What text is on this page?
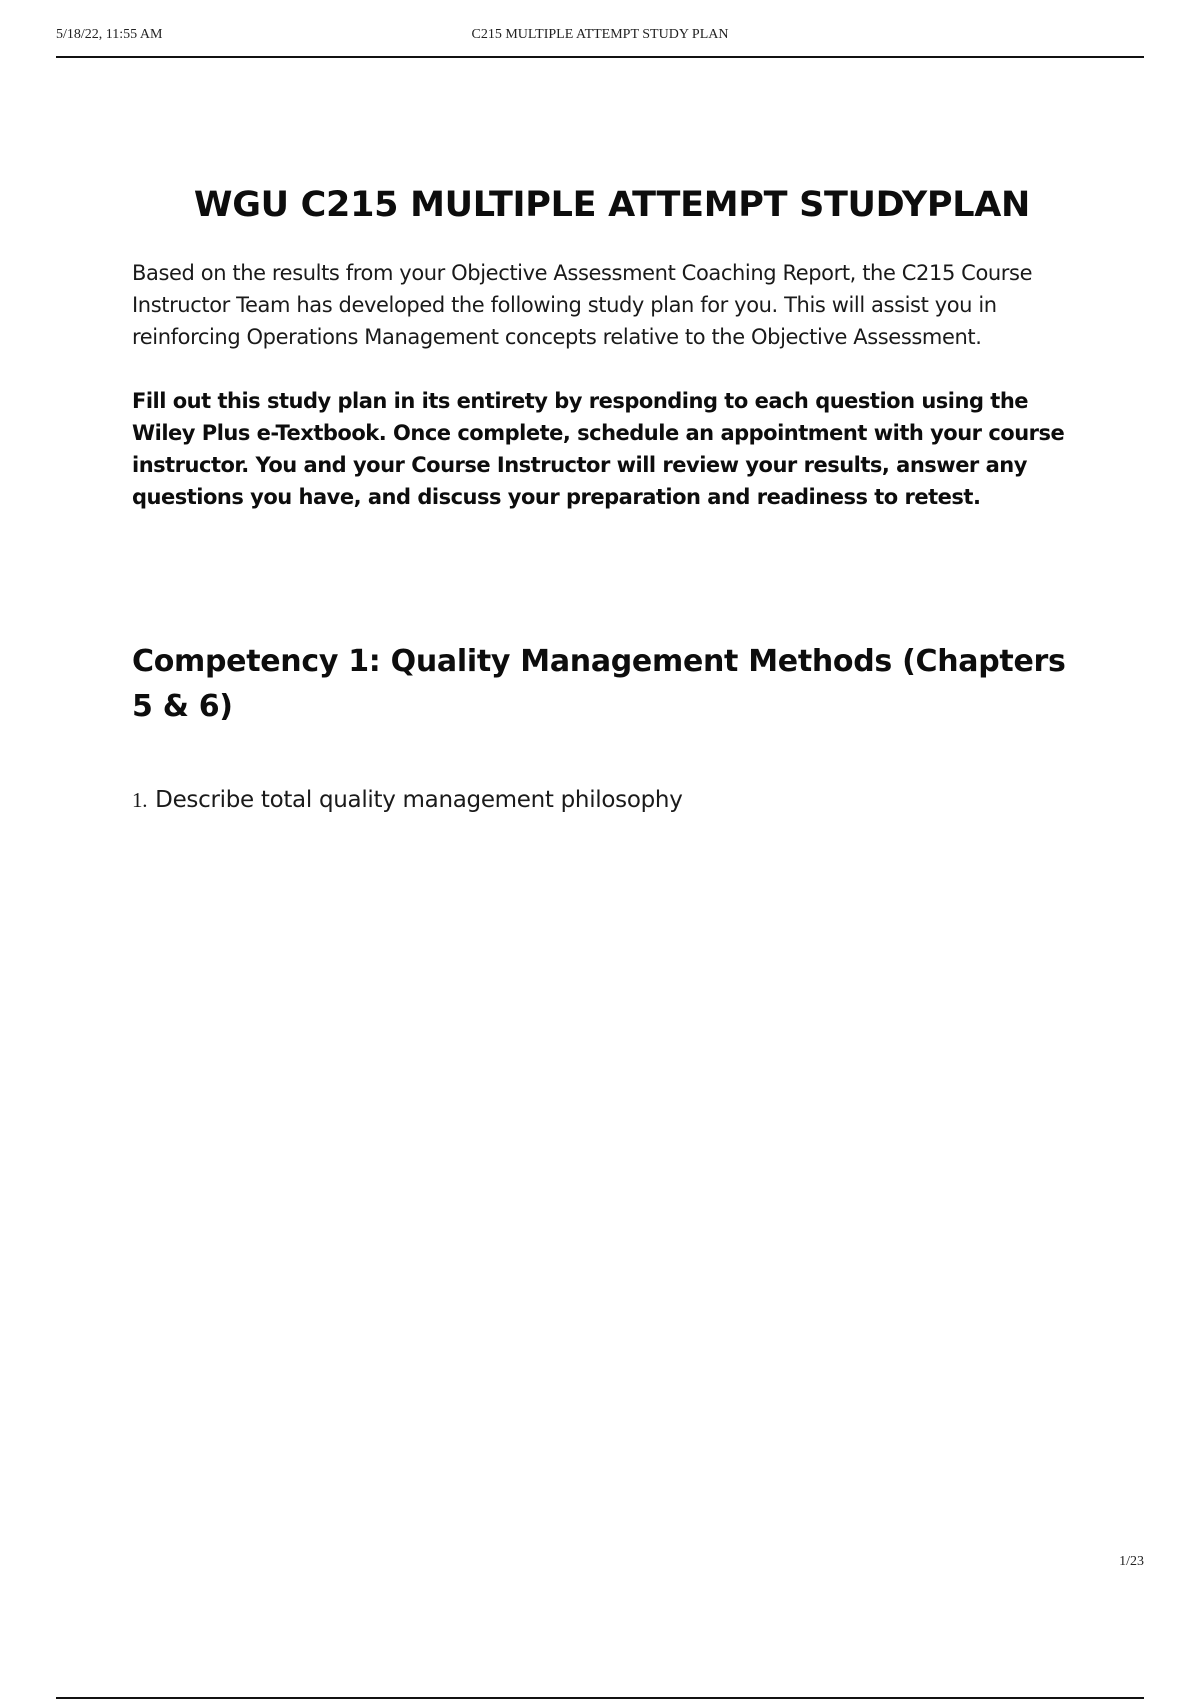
5/18/22, 11:55 AM	C215 MULTIPLE ATTEMPT STUDY PLAN
WGU C215 MULTIPLE ATTEMPT STUDYPLAN

Based on the results from your Objective Assessment Coaching Report, the C215 Course Instructor Team has developed the following study plan for you. This will assist you in reinforcing Operations Management concepts relative to the Objective Assessment.

Fill out this study plan in its entirety by responding to each question using the Wiley Plus e-Textbook. Once complete, schedule an appointment with your course instructor. You and your Course Instructor will review your results, answer any questions you have, and discuss your preparation and readiness to retest.

Competency 1: Quality Management Methods (Chapters 5 & 6)
1. Describe total quality management philosophy
1/23
